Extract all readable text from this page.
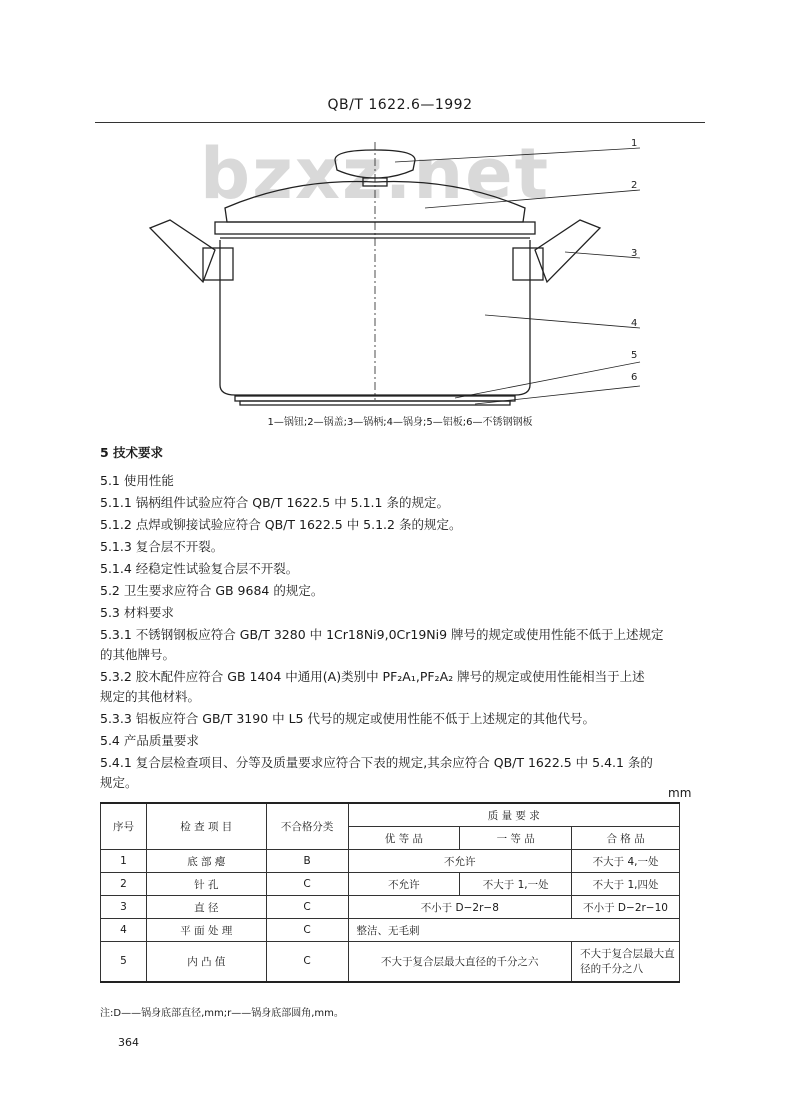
QB/T 1622.6—1992
bzxz.net	1
2
3
4
5
6
1—锅钮;2—锅盖;3—锅柄;4—锅身;5—铝板;6—不锈钢钢板
5 技术要求
5.1 使用性能
5.1.1 锅柄组件试验应符合 QB/T 1622.5 中 5.1.1 条的规定。
5.1.2 点焊或铆接试验应符合 QB/T 1622.5 中 5.1.2 条的规定。
5.1.3 复合层不开裂。
5.1.4 经稳定性试验复合层不开裂。
5.2 卫生要求应符合 GB 9684 的规定。
5.3 材料要求
5.3.1 不锈钢钢板应符合 GB/T 3280 中 1Cr18Ni9,0Cr19Ni9 牌号的规定或使用性能不低于上述规定
的其他牌号。
5.3.2 胶木配件应符合 GB 1404 中通用(A)类别中 PF₂A₁,PF₂A₂ 牌号的规定或使用性能相当于上述
规定的其他材料。
5.3.3 铝板应符合 GB/T 3190 中 L5 代号的规定或使用性能不低于上述规定的其他代号。
5.4 产品质量要求
5.4.1 复合层检查项目、分等及质量要求应符合下表的规定,其余应符合 QB/T 1622.5 中 5.4.1 条的
规定。
mm
序号	检 查 项 目	不合格分类	质 量 要 求		
			优 等 品	一 等 品	合 格 品
1	底 部 瘪	B	不允许		不大于 4,一处
2	针 孔	C	不允许	不大于 1,一处	不大于 1,四处
3	直 径	C	不小于 D−2r−8		不小于 D−2r−10
4	平 面 处 理	C	整洁、无毛刺		
5	内 凸 值	C	不大于复合层最大直径的千分之六		不大于复合层最大直径的千分之八
注:D——锅身底部直径,mm;r——锅身底部圆角,mm。
364
